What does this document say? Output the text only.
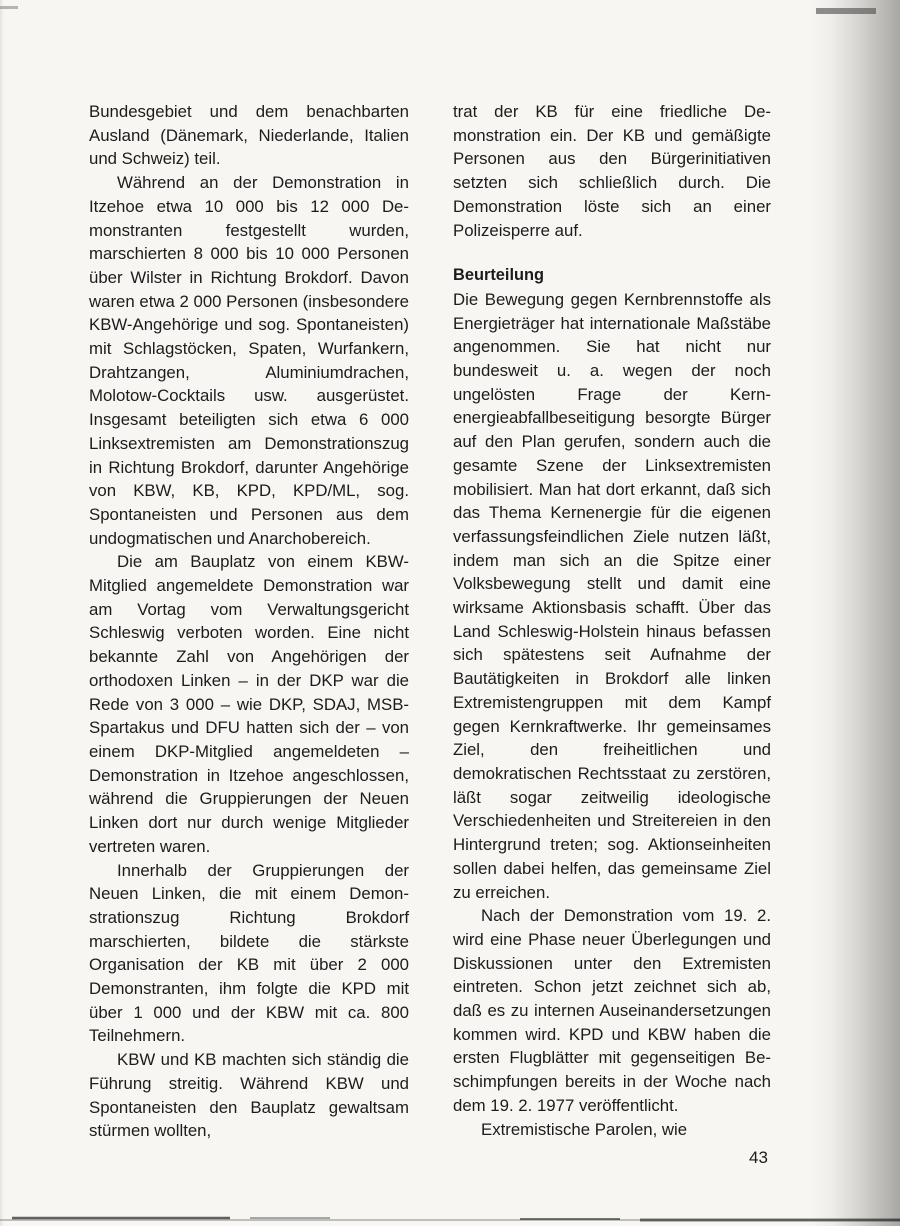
Bundesgebiet und dem benachbarten Ausland (Dänemark, Niederlande, Italien und Schweiz) teil.

Während an der Demonstration in Itzehoe etwa 10 000 bis 12 000 Demonstranten festgestellt wurden, marschierten 8 000 bis 10 000 Personen über Wilster in Richtung Brokdorf. Davon waren etwa 2 000 Personen (insbesondere KBW-Angehörige und sog. Spontaneisten) mit Schlagstöcken, Spaten, Wurfankern, Drahtzangen, Aluminiumdrachen, Molotow-Cocktails usw. ausgerüstet. Insgesamt beteiligten sich etwa 6 000 Linksextremisten am Demonstrationszug in Richtung Brokdorf, darunter Angehörige von KBW, KB, KPD, KPD/ML, sog. Spontaneisten und Personen aus dem undogmatischen und Anarchobereich.

Die am Bauplatz von einem KBW-Mitglied angemeldete Demonstration war am Vortag vom Verwaltungsgericht Schleswig verboten worden. Eine nicht bekannte Zahl von Angehörigen der orthodoxen Linken – in der DKP war die Rede von 3 000 – wie DKP, SDAJ, MSB-Spartakus und DFU hatten sich der – von einem DKP-Mitglied angemeldeten – Demonstration in Itzehoe angeschlossen, während die Gruppierungen der Neuen Linken dort nur durch wenige Mitglieder vertreten waren.

Innerhalb der Gruppierungen der Neuen Linken, die mit einem Demonstrationszug Richtung Brokdorf marschierten, bildete die stärkste Organisation der KB mit über 2 000 Demonstranten, ihm folgte die KPD mit über 1 000 und der KBW mit ca. 800 Teilnehmern.

KBW und KB machten sich ständig die Führung streitig. Während KBW und Spontaneisten den Bauplatz gewaltsam stürmen wollten,

trat der KB für eine friedliche Demonstration ein. Der KB und gemäßigte Personen aus den Bürgerinitiativen setzten sich schließlich durch. Die Demonstration löste sich an einer Polizeisperre auf.

Beurteilung

Die Bewegung gegen Kernbrennstoffe als Energieträger hat internationale Maßstäbe angenommen. Sie hat nicht nur bundesweit u. a. wegen der noch ungelösten Frage der Kernenergieabfallbeseitigung besorgte Bürger auf den Plan gerufen, sondern auch die gesamte Szene der Linksextremisten mobilisiert. Man hat dort erkannt, daß sich das Thema Kernenergie für die eigenen verfassungsfeindlichen Ziele nutzen läßt, indem man sich an die Spitze einer Volksbewegung stellt und damit eine wirksame Aktionsbasis schafft. Über das Land Schleswig-Holstein hinaus befassen sich spätestens seit Aufnahme der Bautätigkeiten in Brokdorf alle linken Extremistengruppen mit dem Kampf gegen Kernkraftwerke. Ihr gemeinsames Ziel, den freiheitlichen und demokratischen Rechtsstaat zu zerstören, läßt sogar zeitweilig ideologische Verschiedenheiten und Streitereien in den Hintergrund treten; sog. Aktionseinheiten sollen dabei helfen, das gemeinsame Ziel zu erreichen.

Nach der Demonstration vom 19. 2. wird eine Phase neuer Überlegungen und Diskussionen unter den Extremisten eintreten. Schon jetzt zeichnet sich ab, daß es zu internen Auseinandersetzungen kommen wird. KPD und KBW haben die ersten Flugblätter mit gegenseitigen Beschimpfungen bereits in der Woche nach dem 19. 2. 1977 veröffentlicht.

Extremistische Parolen, wie

43
